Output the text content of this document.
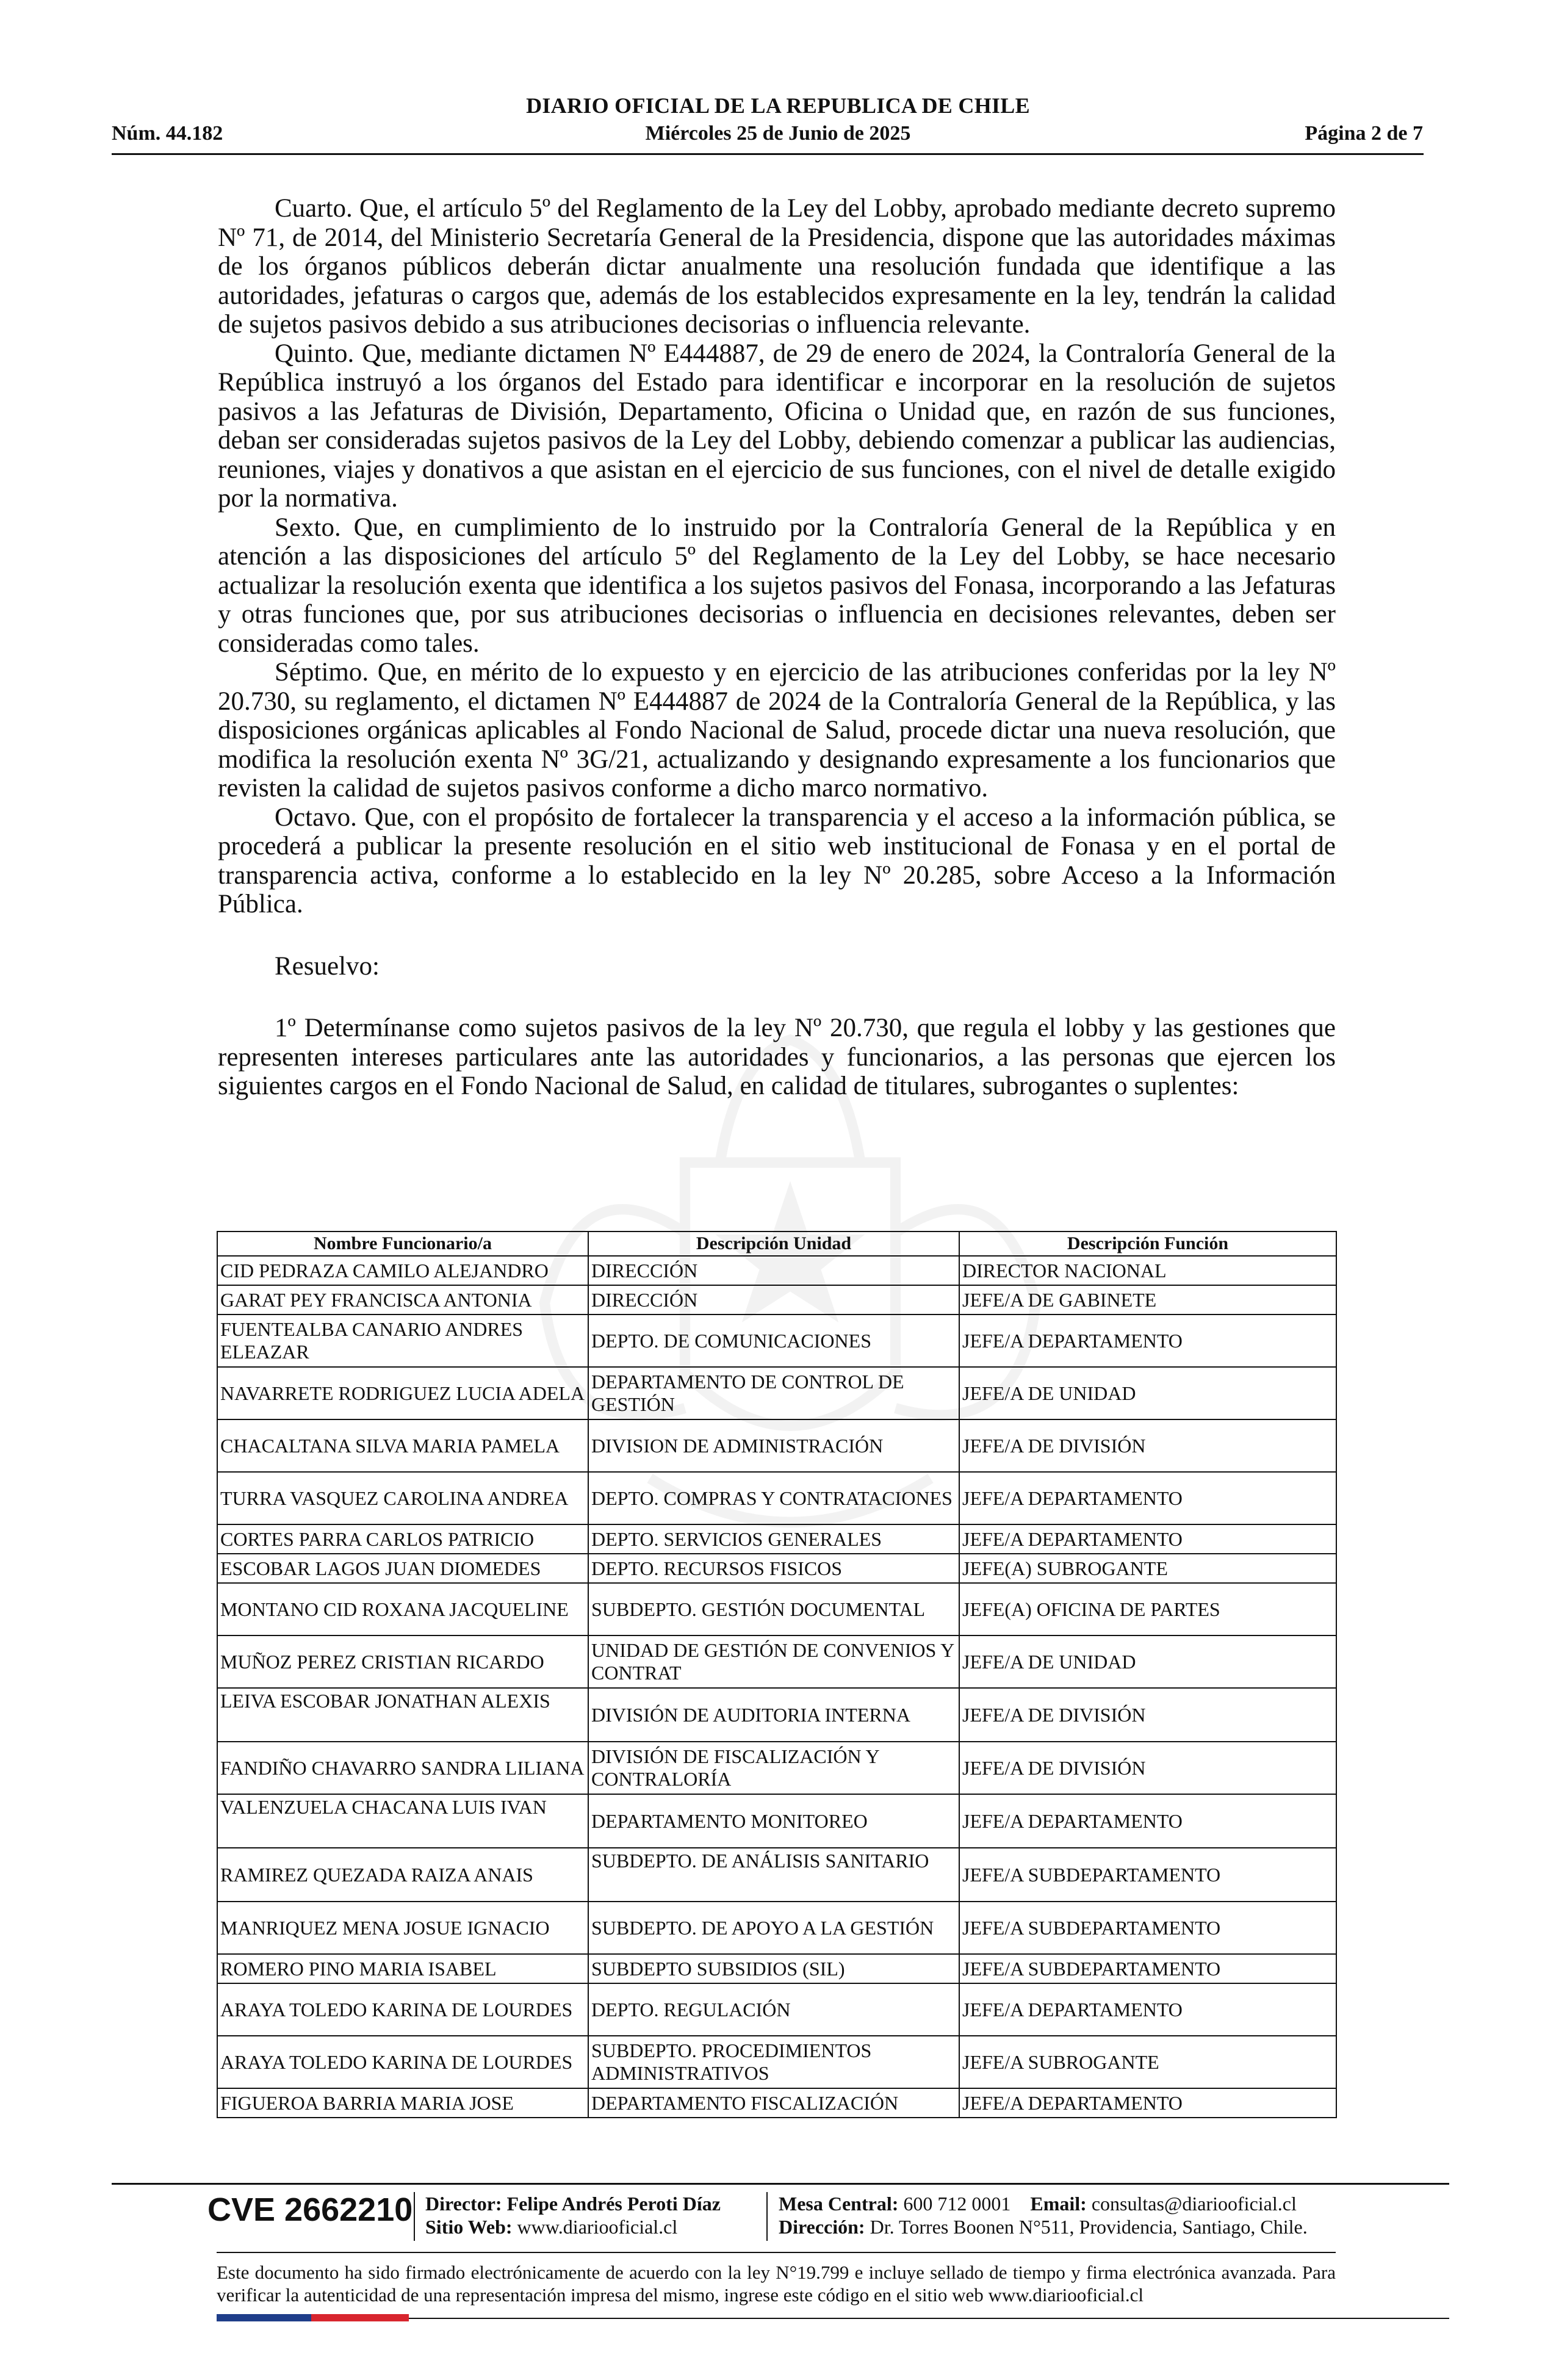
DIARIO OFICIAL DE LA REPUBLICA DE CHILE
Núm. 44.182	Miércoles 25 de Junio de 2025	Página 2 de 7

Cuarto. Que, el artículo 5º del Reglamento de la Ley del Lobby, aprobado mediante decreto supremo Nº 71, de 2014, del Ministerio Secretaría General de la Presidencia, dispone que las autoridades máximas de los órganos públicos deberán dictar anualmente una resolución fundada que identifique a las autoridades, jefaturas o cargos que, además de los establecidos expresamente en la ley, tendrán la calidad de sujetos pasivos debido a sus atribuciones decisorias o influencia relevante.

Quinto. Que, mediante dictamen Nº E444887, de 29 de enero de 2024, la Contraloría General de la República instruyó a los órganos del Estado para identificar e incorporar en la resolución de sujetos pasivos a las Jefaturas de División, Departamento, Oficina o Unidad que, en razón de sus funciones, deban ser consideradas sujetos pasivos de la Ley del Lobby, debiendo comenzar a publicar las audiencias, reuniones, viajes y donativos a que asistan en el ejercicio de sus funciones, con el nivel de detalle exigido por la normativa.

Sexto. Que, en cumplimiento de lo instruido por la Contraloría General de la República y en atención a las disposiciones del artículo 5º del Reglamento de la Ley del Lobby, se hace necesario actualizar la resolución exenta que identifica a los sujetos pasivos del Fonasa, incorporando a las Jefaturas y otras funciones que, por sus atribuciones decisorias o influencia en decisiones relevantes, deben ser consideradas como tales.

Séptimo. Que, en mérito de lo expuesto y en ejercicio de las atribuciones conferidas por la ley Nº 20.730, su reglamento, el dictamen Nº E444887 de 2024 de la Contraloría General de la República, y las disposiciones orgánicas aplicables al Fondo Nacional de Salud, procede dictar una nueva resolución, que modifica la resolución exenta Nº 3G/21, actualizando y designando expresamente a los funcionarios que revisten la calidad de sujetos pasivos conforme a dicho marco normativo.

Octavo. Que, con el propósito de fortalecer la transparencia y el acceso a la información pública, se procederá a publicar la presente resolución en el sitio web institucional de Fonasa y en el portal de transparencia activa, conforme a lo establecido en la ley Nº 20.285, sobre Acceso a la Información Pública.

Resuelvo:

1º Determínanse como sujetos pasivos de la ley Nº 20.730, que regula el lobby y las gestiones que representen intereses particulares ante las autoridades y funcionarios, a las personas que ejercen los siguientes cargos en el Fondo Nacional de Salud, en calidad de titulares, subrogantes o suplentes:

Nombre Funcionario/a	Descripción Unidad	Descripción Función
CID PEDRAZA CAMILO ALEJANDRO	DIRECCIÓN	DIRECTOR NACIONAL
GARAT PEY FRANCISCA ANTONIA	DIRECCIÓN	JEFE/A DE GABINETE
FUENTEALBA CANARIO ANDRES ELEAZAR	DEPTO. DE COMUNICACIONES	JEFE/A DEPARTAMENTO
NAVARRETE RODRIGUEZ LUCIA ADELA	DEPARTAMENTO DE CONTROL DE GESTIÓN	JEFE/A DE UNIDAD
CHACALTANA SILVA MARIA PAMELA	DIVISION DE ADMINISTRACIÓN	JEFE/A DE DIVISIÓN
TURRA VASQUEZ CAROLINA ANDREA	DEPTO. COMPRAS Y CONTRATACIONES	JEFE/A DEPARTAMENTO
CORTES PARRA CARLOS PATRICIO	DEPTO. SERVICIOS GENERALES	JEFE/A DEPARTAMENTO
ESCOBAR LAGOS JUAN DIOMEDES	DEPTO. RECURSOS FISICOS	JEFE(A) SUBROGANTE
MONTANO CID ROXANA JACQUELINE	SUBDEPTO. GESTIÓN DOCUMENTAL	JEFE(A) OFICINA DE PARTES
MUÑOZ PEREZ CRISTIAN RICARDO	UNIDAD DE GESTIÓN DE CONVENIOS Y CONTRAT	JEFE/A DE UNIDAD
LEIVA ESCOBAR JONATHAN ALEXIS	DIVISIÓN DE AUDITORIA INTERNA	JEFE/A DE DIVISIÓN
FANDIÑO CHAVARRO SANDRA LILIANA	DIVISIÓN DE FISCALIZACIÓN Y CONTRALORÍA	JEFE/A DE DIVISIÓN
VALENZUELA CHACANA LUIS IVAN	DEPARTAMENTO MONITOREO	JEFE/A DEPARTAMENTO
RAMIREZ QUEZADA RAIZA ANAIS	SUBDEPTO. DE ANÁLISIS SANITARIO	JEFE/A SUBDEPARTAMENTO
MANRIQUEZ MENA JOSUE IGNACIO	SUBDEPTO. DE APOYO A LA GESTIÓN	JEFE/A SUBDEPARTAMENTO
ROMERO PINO MARIA ISABEL	SUBDEPTO SUBSIDIOS (SIL)	JEFE/A SUBDEPARTAMENTO
ARAYA TOLEDO KARINA DE LOURDES	DEPTO. REGULACIÓN	JEFE/A DEPARTAMENTO
ARAYA TOLEDO KARINA DE LOURDES	SUBDEPTO. PROCEDIMIENTOS ADMINISTRATIVOS	JEFE/A SUBROGANTE
FIGUEROA BARRIA MARIA JOSE	DEPARTAMENTO FISCALIZACIÓN	JEFE/A DEPARTAMENTO
CVE 2662210 Director: Felipe Andrés Peroti Díaz
Sitio Web: www.diariooficial.cl
Mesa Central: 600 712 0001 Email: consultas@diariooficial.cl
Dirección: Dr. Torres Boonen N°511, Providencia, Santiago, Chile.
Este documento ha sido firmado electrónicamente de acuerdo con la ley N°19.799 e incluye sellado de tiempo y firma electrónica avanzada. Para verificar la autenticidad de una representación impresa del mismo, ingrese este código en el sitio web www.diariooficial.cl
